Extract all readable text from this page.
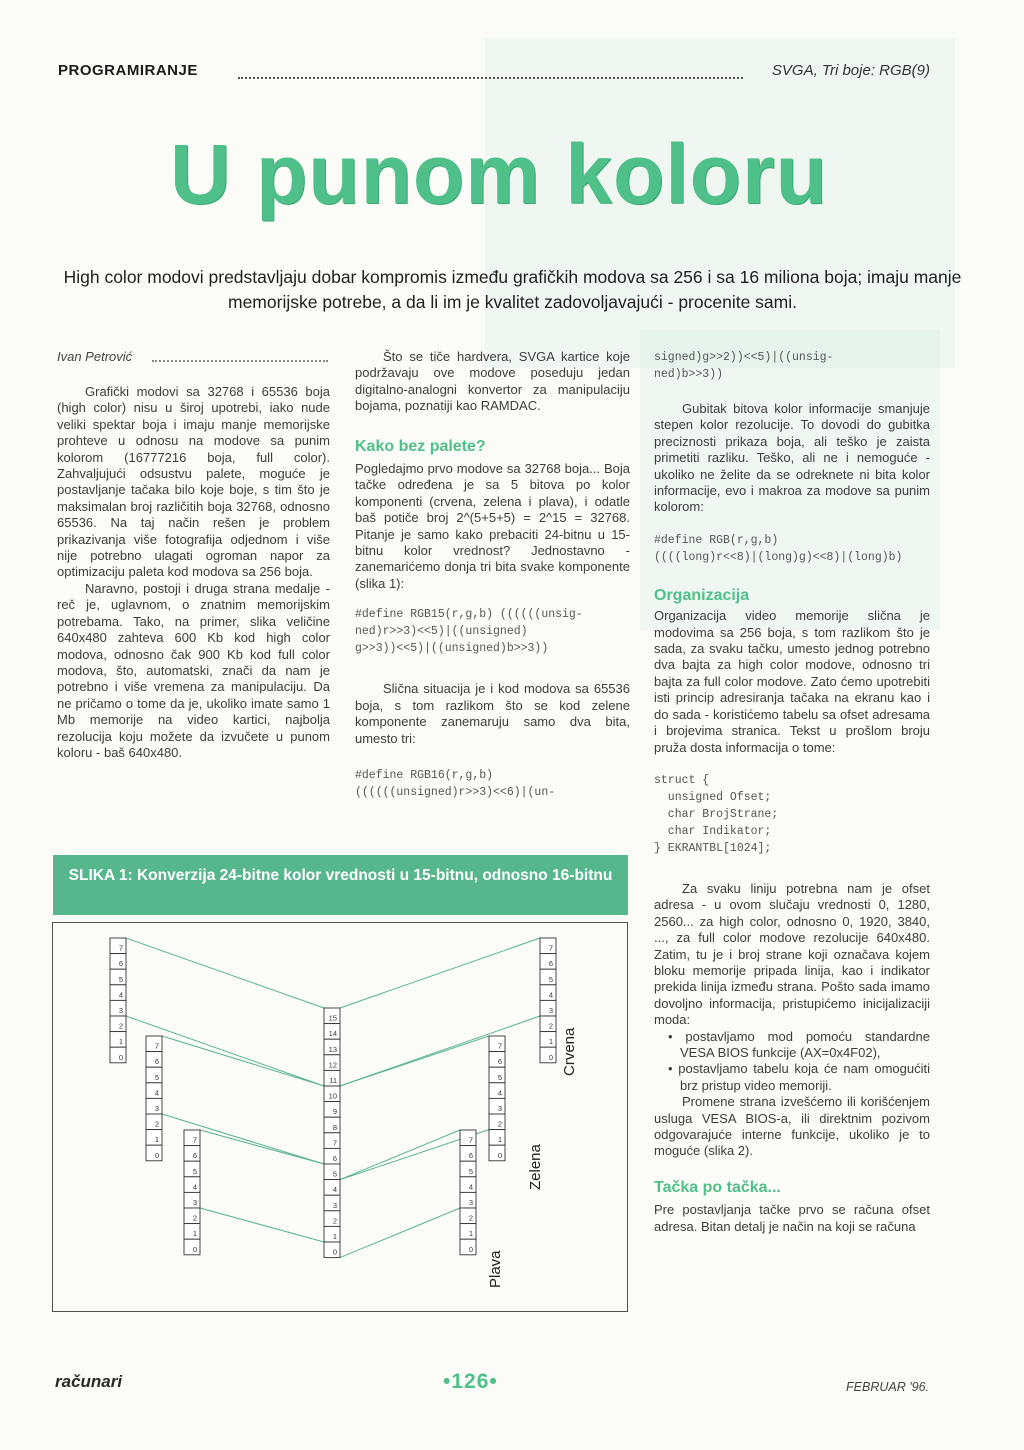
PROGRAMIRANJE	SVGA, Tri boje: RGB(9)
U punom koloru
High color modovi predstavljaju dobar kompromis između grafičkih modova sa 256 i sa 16 miliona boja; imaju manje memorijske potrebe, a da li im je kvalitet zadovoljavajući - procenite sami.
Ivan Petrović

Grafički modovi sa 32768 i 65536 boja (high color) nisu u širој upotrebi, iako nude veliki spektar boja i imaju manje memorijske prohteve u odnosu na modove sa punim kolorom (16777216 boja, full color). Zahvaljujući odsustvu palete, moguće je postavljanje tačaka bilo koje boje, s tim što je maksimalan broj različitih boja 32768, odnosno 65536. Na taj način rešen je problem prikazivanja više fotografija odjednom i više nije potrebno ulagati ogroman napor za optimizaciju paleta kod modova sa 256 boja.

Naravno, postoji i druga strana medalje - reč je, uglavnom, o znatnim memorijskim potrebama. Tako, na primer, slika veličine 640x480 zahteva 600 Kb kod high color modova, odnosno čak 900 Kb kod full color modova, što, automatski, znači da nam je potrebno i više vremena za manipulaciju. Da ne pričamo o tome da je, ukoliko imate samo 1 Mb memorije na video kartici, najbolja rezolucija koju možete da izvučete u punom koloru - baš 640x480.

Što se tiče hardvera, SVGA kartice koje podržavaju ove modove poseduju jedan digitalno-analogni konvertor za manipulaciju bojama, poznatiji kao RAMDAC.

Kako bez palete?

Pogledajmo prvo modove sa 32768 boja... Boja tačke određena je sa 5 bitova po kolor komponenti (crvena, zelena i plava), i odatle baš potiče broj 2^(5+5+5) = 2^15 = 32768. Pitanje je samo kako prebaciti 24-bitnu u 15-bitnu kolor vrednost? Jednostavno - zanemarićemo donja tri bita svake komponente (slika 1):

#define RGB15(r,g,b) ((((((unsig-
ned)r>>3)<<5)|((unsigned)
g>>3))<<5)|((unsigned)b>>3))

Slična situacija je i kod modova sa 65536 boja, s tom razlikom što se kod zelene komponente zanemaruju samo dva bita, umesto tri:

#define RGB16(r,g,b)
((((((unsigned)r>>3)<<6)|(un-
signed)g>>2))<<5)|((unsig-
ned)b>>3))

Gubitak bitova kolor informacije smanjuje stepen kolor rezolucije. To dovodi do gubitka preciznosti prikaza boja, ali teško je zaista primetiti razliku. Teško, ali ne i nemoguće - ukoliko ne želite da se odreknete ni bita kolor informacije, evo i makroa za modove sa punim kolorom:

#define RGB(r,g,b)
((((long)r<<8)|(long)g)<<8)|(long)b)
Organizacija

Organizacija video memorije slična je modovima sa 256 boja, s tom razlikom što je sada, za svaku tačku, umesto jednog potrebno dva bajta za high color modove, odnosno tri bajta za full color modove. Zato ćemo upotrebiti isti princip adresiranja tačaka na ekranu kao i do sada - koristićemo tabelu sa ofset adresama i brojevima stranica. Tekst u prošlom broju pruža dosta informacija o tome:

struct {
unsigned Ofset;
char BrojStrane;
char Indikator;
} EKRANTBL[1024];

Za svaku liniju potrebna nam je ofset adresa - u ovom slučaju vrednosti 0, 1280, 2560... za high color, odnosno 0, 1920, 3840, ..., za full color modove rezolucije 640x480. Zatim, tu je i broj strane koji označava kojem bloku memorije pripada linija, kao i indikator prekida linija između strana. Pošto sada imamo dovoljno informacija, pristupićemo inicijalizaciji moda:

• postavljamo mod pomoću standardne VESA BIOS funkcije (AX=0x4F02),

• postavljamo tabelu koja će nam omogućiti brz pristup video memoriji.

Promene strana izvešćemo ili korišćenjem usluga VESA BIOS-a, ili direktnim pozivom odgovarajuće interne funkcije, ukoliko je to moguće (slika 2).

Tačka po tačka...

Pre postavljanja tačke prvo se računa ofset adresa. Bitan detalj je način na koji se računa

SLIKA 1: Konverzija 24-bitne kolor vrednosti u 15-bitnu, odnosno 16-bitnu
7
6
5
4
3
2
1
0
7
6
5
4
3
2
1
0
7
6
5
4
3
2
1
0
15
14
13
12
11
10
9
8
7
6
5
4
3
2
1
0
7
6
5
4
3
2
1
0
7
6
5
4
3
2
1
0
7
6
5
4
3
2
1
0
Crvena
Zelena
Plava
računari	•126•	FEBRUAR '96.
